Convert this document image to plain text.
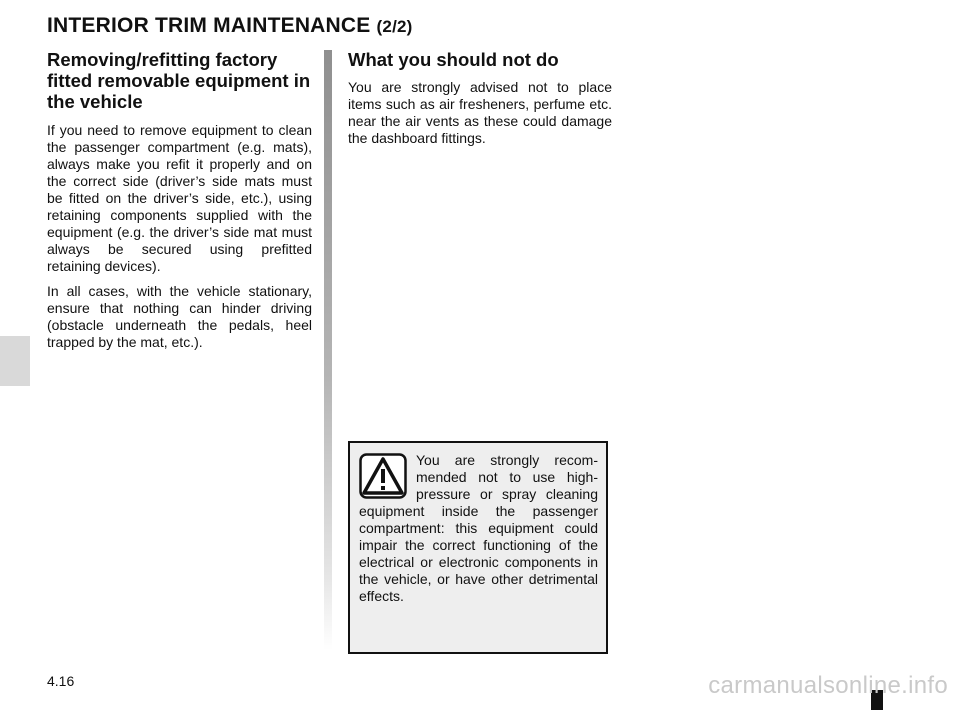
INTERIOR TRIM MAINTENANCE (2/2)
Removing/refitting factory fitted removable equipment in the vehicle

If you need to remove equipment to clean the passenger compartment (e.g. mats), always make you refit it properly and on the correct side (driver’s side mats must be fitted on the driver’s side, etc.), using retaining components supplied with the equipment (e.g. the driver’s side mat must always be secured using prefitted retaining devices).

In all cases, with the vehicle stationary, ensure that nothing can hinder driving (obstacle underneath the pedals, heel trapped by the mat, etc.).

What you should not do

You are strongly advised not to place items such as air fresheners, perfume etc. near the air vents as these could damage the dashboard fittings.

You are strongly recommended not to use high-pressure or spray cleaning equipment inside the passenger compartment: this equipment could impair the correct functioning of the electrical or electronic components in the vehicle, or have other detrimental effects.

4.16	carmanualsonline.info
